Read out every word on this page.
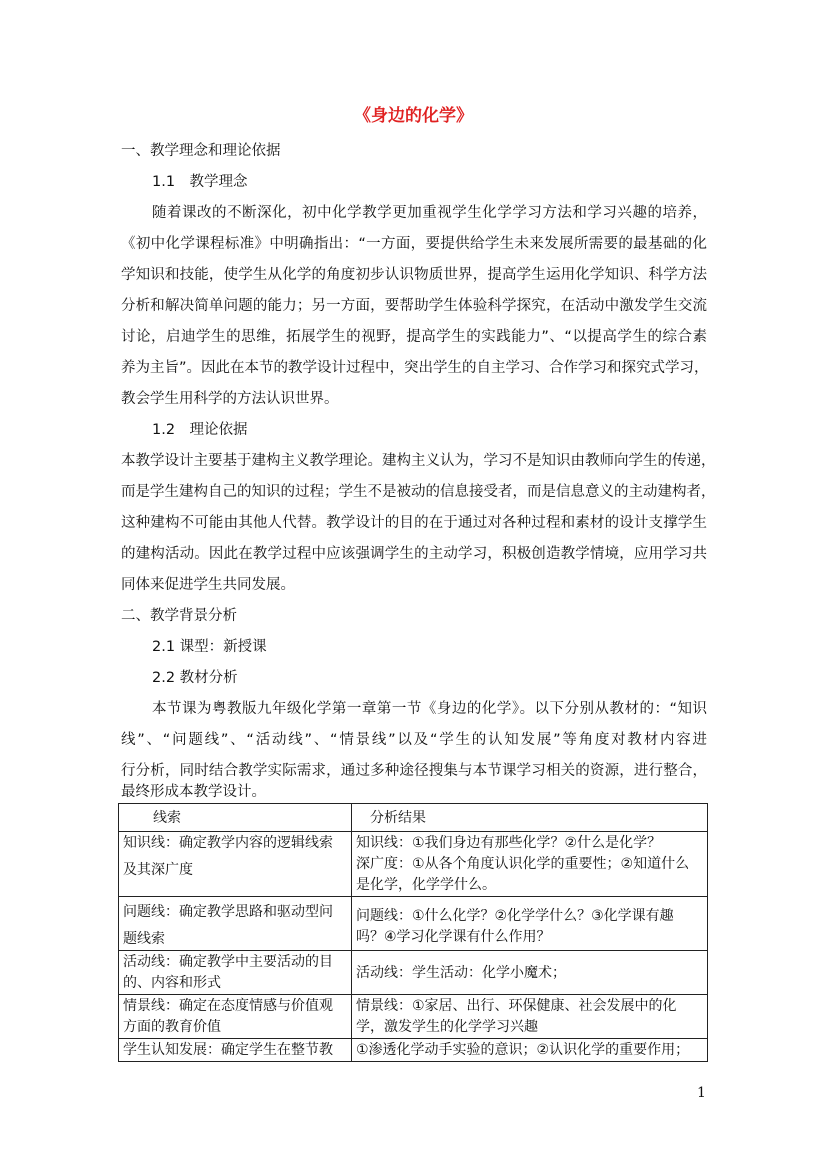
《身边的化学》
一、教学理念和理论依据
1.1　教学理念
随着课改的不断深化，初中化学教学更加重视学生化学学习方法和学习兴趣的培养，
《初中化学课程标准》中明确指出：“一方面，要提供给学生未来发展所需要的最基础的化
学知识和技能，使学生从化学的角度初步认识物质世界，提高学生运用化学知识、科学方法
分析和解决简单问题的能力；另一方面，要帮助学生体验科学探究，在活动中激发学生交流
讨论，启迪学生的思维，拓展学生的视野，提高学生的实践能力”、“以提高学生的综合素
养为主旨”。因此在本节的教学设计过程中，突出学生的自主学习、合作学习和探究式学习，
教会学生用科学的方法认识世界。
1.2　理论依据
本教学设计主要基于建构主义教学理论。建构主义认为，学习不是知识由教师向学生的传递，
而是学生建构自己的知识的过程；学生不是被动的信息接受者，而是信息意义的主动建构者，
这种建构不可能由其他人代替。教学设计的目的在于通过对各种过程和素材的设计支撑学生
的建构活动。因此在教学过程中应该强调学生的主动学习，积极创造教学情境，应用学习共
同体来促进学生共同发展。
二、教学背景分析
2.1 课型：新授课
2.2 教材分析
本节课为粤教版九年级化学第一章第一节《身边的化学》。以下分别从教材的：“知识
线”、“问题线”、“活动线”、“情景线”以及“学生的认知发展”等角度对教材内容进
行分析，同时结合教学实际需求，通过多种途径搜集与本节课学习相关的资源，进行整合，
最终形成本教学设计。
线索	分析结果

知识线：确定教学内容的逻辑线索
及其深广度	知识线：①我们身边有那些化学？②什么是化学？
深广度：①从各个角度认识化学的重要性；②知道什么
是化学，化学学什么。

问题线：确定教学思路和驱动型问
题线索	问题线：①什么化学？②化学学什么？③化学课有趣
吗？④学习化学课有什么作用？

活动线：确定教学中主要活动的目
的、内容和形式	活动线：学生活动：化学小魔术；

情景线：确定在态度情感与价值观
方面的教育价值	情景线：①家居、出行、环保健康、社会发展中的化
学，激发学生的化学学习兴趣

学生认知发展：确定学生在整节教	①渗透化学动手实验的意识；②认识化学的重要作用；
1
